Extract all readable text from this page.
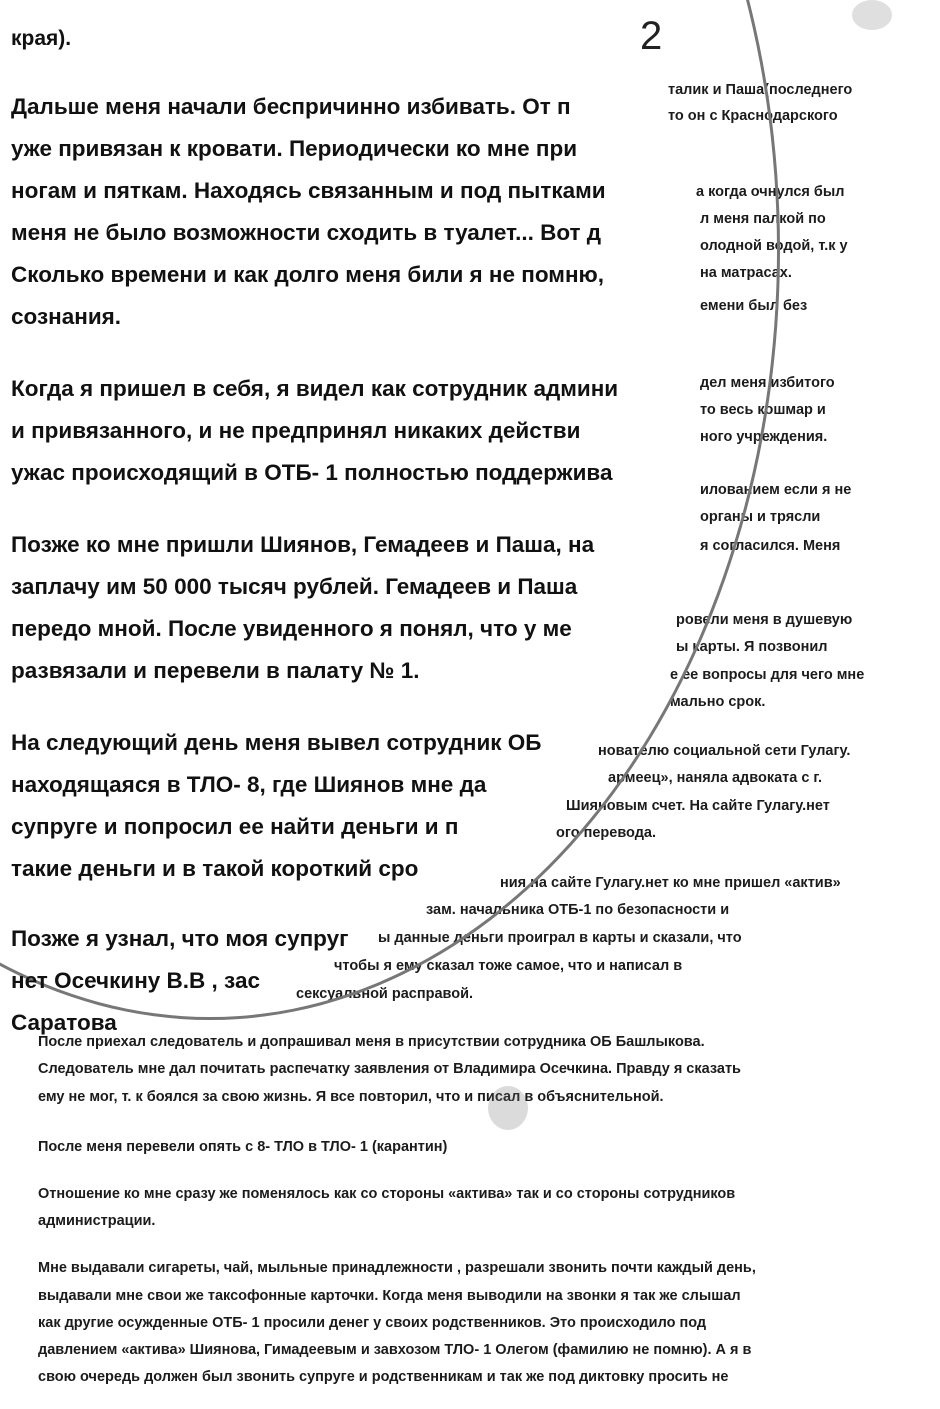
талик и Паша(последнего
то он с Краснодарского
а когда очнулся был
л меня палкой по
олодной водой, т.к у
на матрасах.
емени был без
дел меня избитого
то весь кошмар и
ного учреждения.
илованием если я не
органы и трясли
я согласился. Меня
ровели меня в душевую
ы карты. Я позвонил
е ее вопросы для чего мне
мально срок.
нователю социальной сети Гулагу.
армеец», наняла адвоката с г.
Шияновым счет. На сайте Гулагу.нет
ого перевода.
ния на сайте Гулагу.нет ко мне пришел «актив»
зам. начальника ОТБ-1 по безопасности и
ы данные деньги проиграл в карты и сказали, что
чтобы я ему сказал тоже самое, что и написал в
сексуальной расправой.
После приехал следователь и допрашивал меня в присутствии сотрудника ОБ Башлыкова.
Следователь мне дал почитать распечатку заявления от Владимира Осечкина. Правду я сказать
ему не мог, т. к боялся за свою жизнь. Я все повторил, что и писал в объяснительной.
После меня перевели опять с 8- ТЛО в ТЛО- 1 (карантин)
Отношение ко мне сразу же поменялось как со стороны «актива» так и со стороны сотрудников
администрации.
Мне выдавали сигареты, чай, мыльные принадлежности , разрешали звонить почти каждый день,
выдавали мне свои же таксофонные карточки. Когда меня выводили на звонки я так же слышал
как другие осужденные ОТБ- 1 просили денег у своих родственников. Это происходило под
давлением «актива» Шиянова, Гимадеевым и завхозом ТЛО- 1 Олегом (фамилию не помню). А я в
свою очередь должен был звонить супруге и родственникам и так же под диктовку просить не
края).
Дальше меня начали беспричинно избивать. От п
уже привязан к кровати. Периодически ко мне при
ногам и пяткам. Находясь связанным и под пытками
меня не было возможности сходить в туалет... Вот д
Сколько времени и как долго меня били я не помню,
сознания.
Когда я пришел в себя, я видел как сотрудник админи
и привязанного, и не предпринял никаких действи
ужас происходящий в ОТБ- 1 полностью поддержива
Позже ко мне пришли Шиянов, Гемадеев и Паша, на
заплачу им 50 000 тысяч рублей. Гемадеев и Паша
передо мной. После увиденного я понял, что у ме
развязали и перевели в палату № 1.
На следующий день меня вывел сотрудник ОБ
находящаяся в ТЛО- 8, где Шиянов мне да
супруге и попросил ее найти деньги и п
такие деньги и в такой короткий сро
Позже я узнал, что моя супруг
нет Осечкину В.В , зас
Саратова
2
